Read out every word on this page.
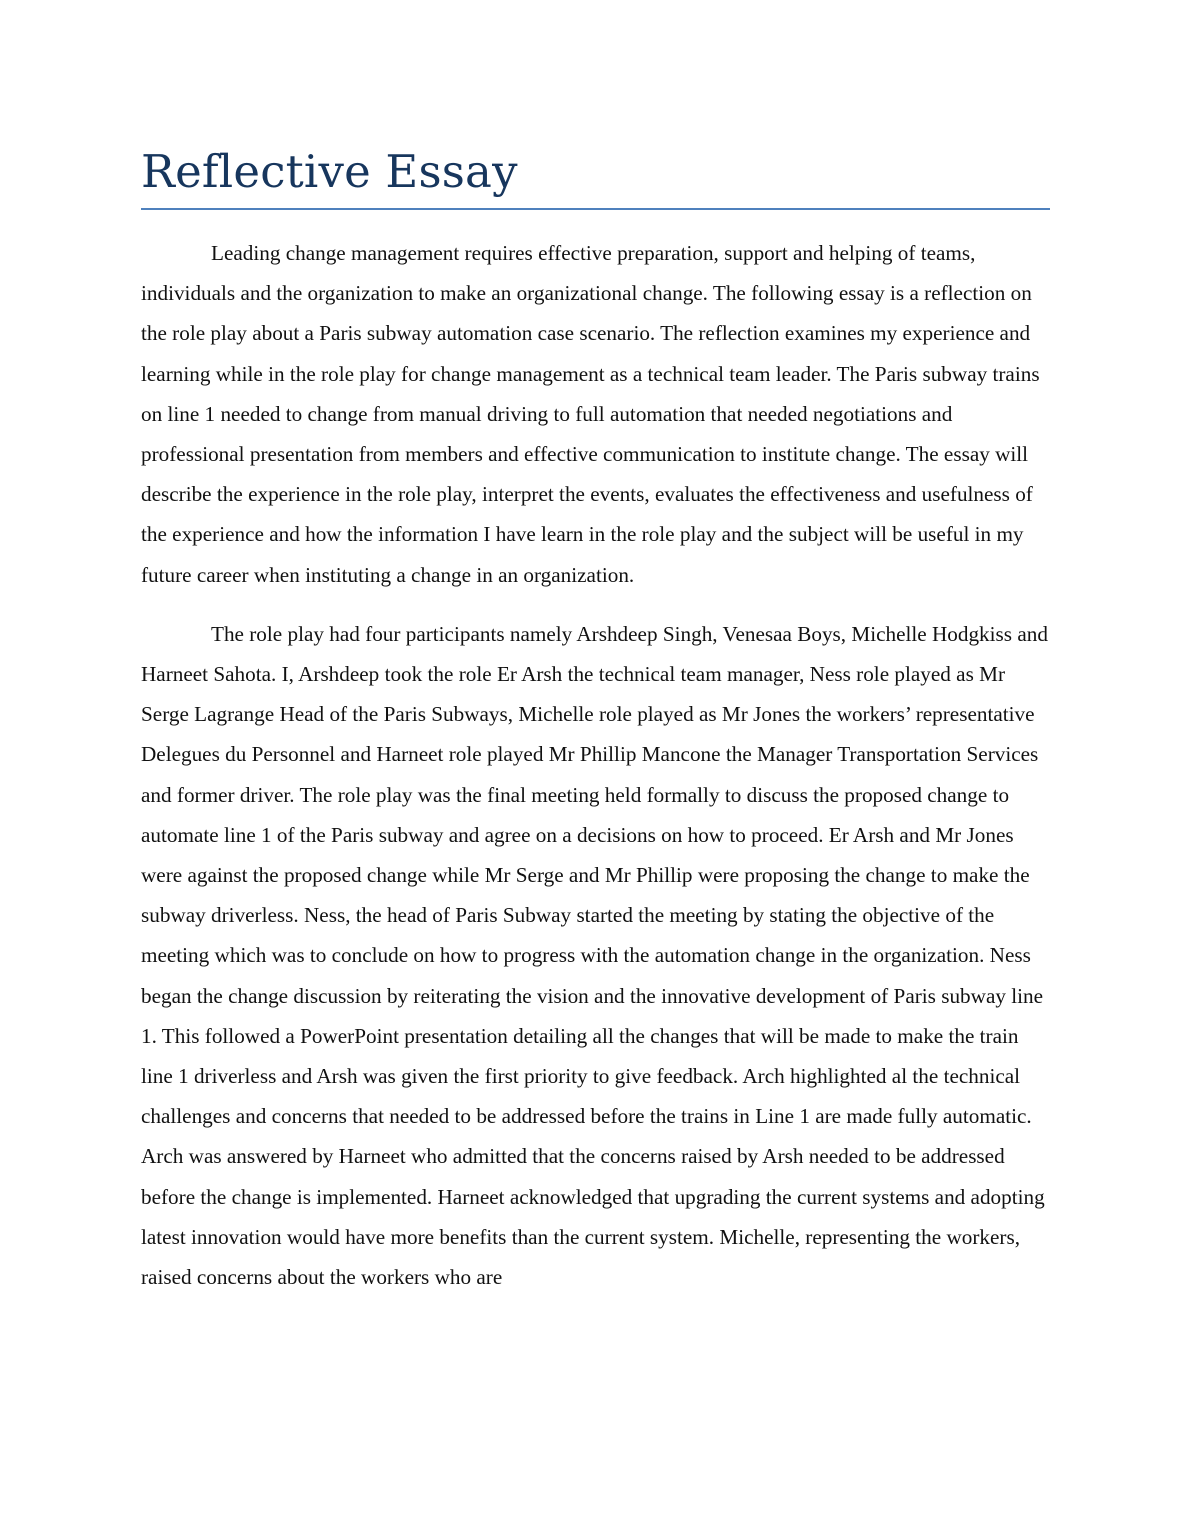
Reflective Essay

Leading change management requires effective preparation, support and helping of teams, individuals and the organization to make an organizational change. The following essay is a reflection on the role play about a Paris subway automation case scenario. The reflection examines my experience and learning while in the role play for change management as a technical team leader. The Paris subway trains on line 1 needed to change from manual driving to full automation that needed negotiations and professional presentation from members and effective communication to institute change. The essay will describe the experience in the role play, interpret the events, evaluates the effectiveness and usefulness of the experience and how the information I have learn in the role play and the subject will be useful in my future career when instituting a change in an organization.

The role play had four participants namely Arshdeep Singh, Venesaa Boys, Michelle Hodgkiss and Harneet Sahota. I, Arshdeep took the role Er Arsh the technical team manager, Ness role played as Mr Serge Lagrange Head of the Paris Subways, Michelle role played as Mr Jones the workers’ representative Delegues du Personnel and Harneet role played Mr Phillip Mancone the Manager Transportation Services and former driver. The role play was the final meeting held formally to discuss the proposed change to automate line 1 of the Paris subway and agree on a decisions on how to proceed. Er Arsh and Mr Jones were against the proposed change while Mr Serge and Mr Phillip were proposing the change to make the subway driverless. Ness, the head of Paris Subway started the meeting by stating the objective of the meeting which was to conclude on how to progress with the automation change in the organization. Ness began the change discussion by reiterating the vision and the innovative development of Paris subway line 1. This followed a PowerPoint presentation detailing all the changes that will be made to make the train line 1 driverless and Arsh was given the first priority to give feedback. Arch highlighted al the technical challenges and concerns that needed to be addressed before the trains in Line 1 are made fully automatic. Arch was answered by Harneet who admitted that the concerns raised by Arsh needed to be addressed before the change is implemented. Harneet acknowledged that upgrading the current systems and adopting latest innovation would have more benefits than the current system. Michelle, representing the workers, raised concerns about the workers who are
